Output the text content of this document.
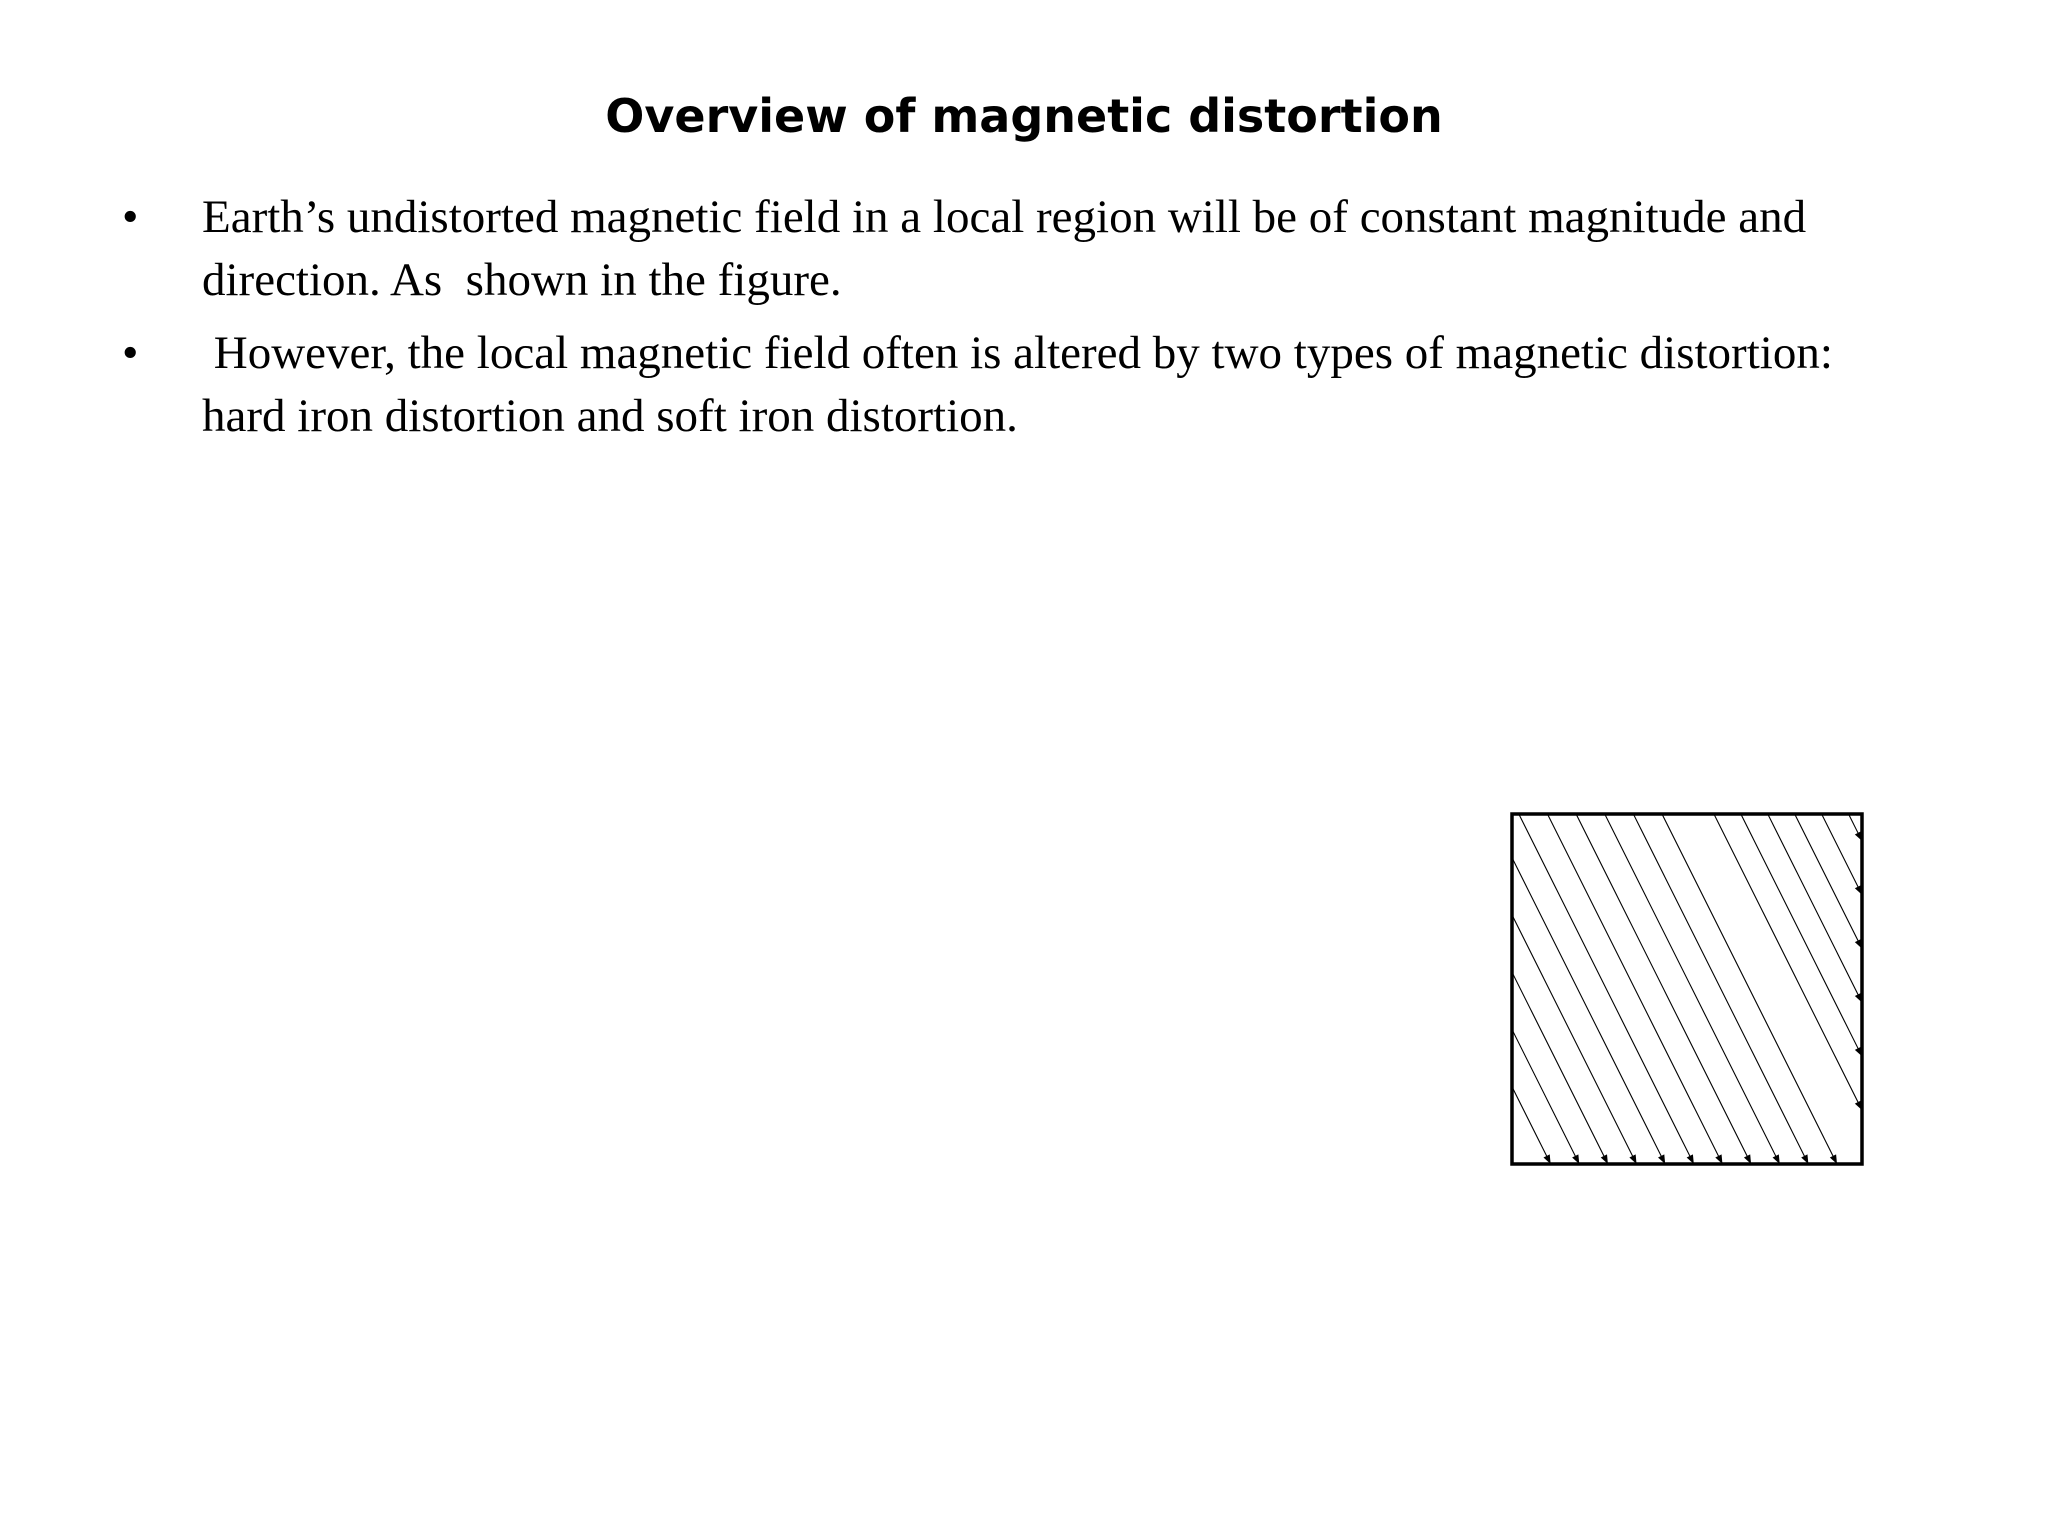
Overview of magnetic distortion
• Earth’s undistorted magnetic field in a local region will be of constant magnitude and direction. As  shown in the figure.
• However, the local magnetic field often is altered by two types of magnetic distortion:  hard iron distortion and soft iron distortion.
